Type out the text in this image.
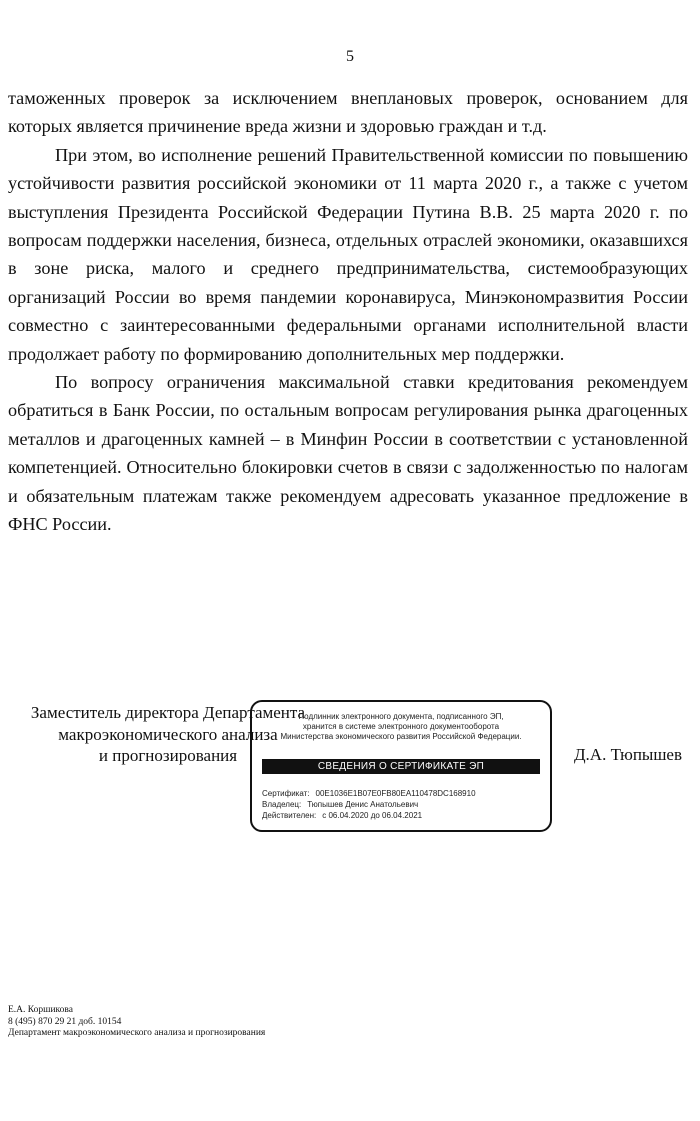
5

таможенных проверок за исключением внеплановых проверок, основанием для которых является причинение вреда жизни и здоровью граждан и т.д.

При этом, во исполнение решений Правительственной комиссии по повышению устойчивости развития российской экономики от 11 марта 2020 г., а также с учетом выступления Президента Российской Федерации Путина В.В. 25 марта 2020 г. по вопросам поддержки населения, бизнеса, отдельных отраслей экономики, оказавшихся в зоне риска, малого и среднего предпринимательства, системообразующих организаций России во время пандемии коронавируса, Минэкономразвития России совместно с заинтересованными федеральными органами исполнительной власти продолжает работу по формированию дополнительных мер поддержки.

По вопросу ограничения максимальной ставки кредитования рекомендуем обратиться в Банк России, по остальным вопросам регулирования рынка драгоценных металлов и драгоценных камней – в Минфин России в соответствии с установленной компетенцией. Относительно блокировки счетов в связи с задолженностью по налогам и обязательным платежам также рекомендуем адресовать указанное предложение в ФНС России.

Заместитель директора Департамента
макроэкономического анализа
и прогнозирования	Д.А. Тюпышев
Подлинник электронного документа, подписанного ЭП,
хранится в системе электронного документооборота
Министерства экономического развития Российской Федерации.
СВЕДЕНИЯ О СЕРТИФИКАТЕ ЭП
Сертификат: 00E1036E1B07E0FB80EA110478DC168910
Владелец: Тюпышев Денис Анатольевич
Действителен: с 06.04.2020 до 06.04.2021
Е.А. Коршикова
8 (495) 870 29 21 доб. 10154
Департамент макроэкономического анализа и прогнозирования
